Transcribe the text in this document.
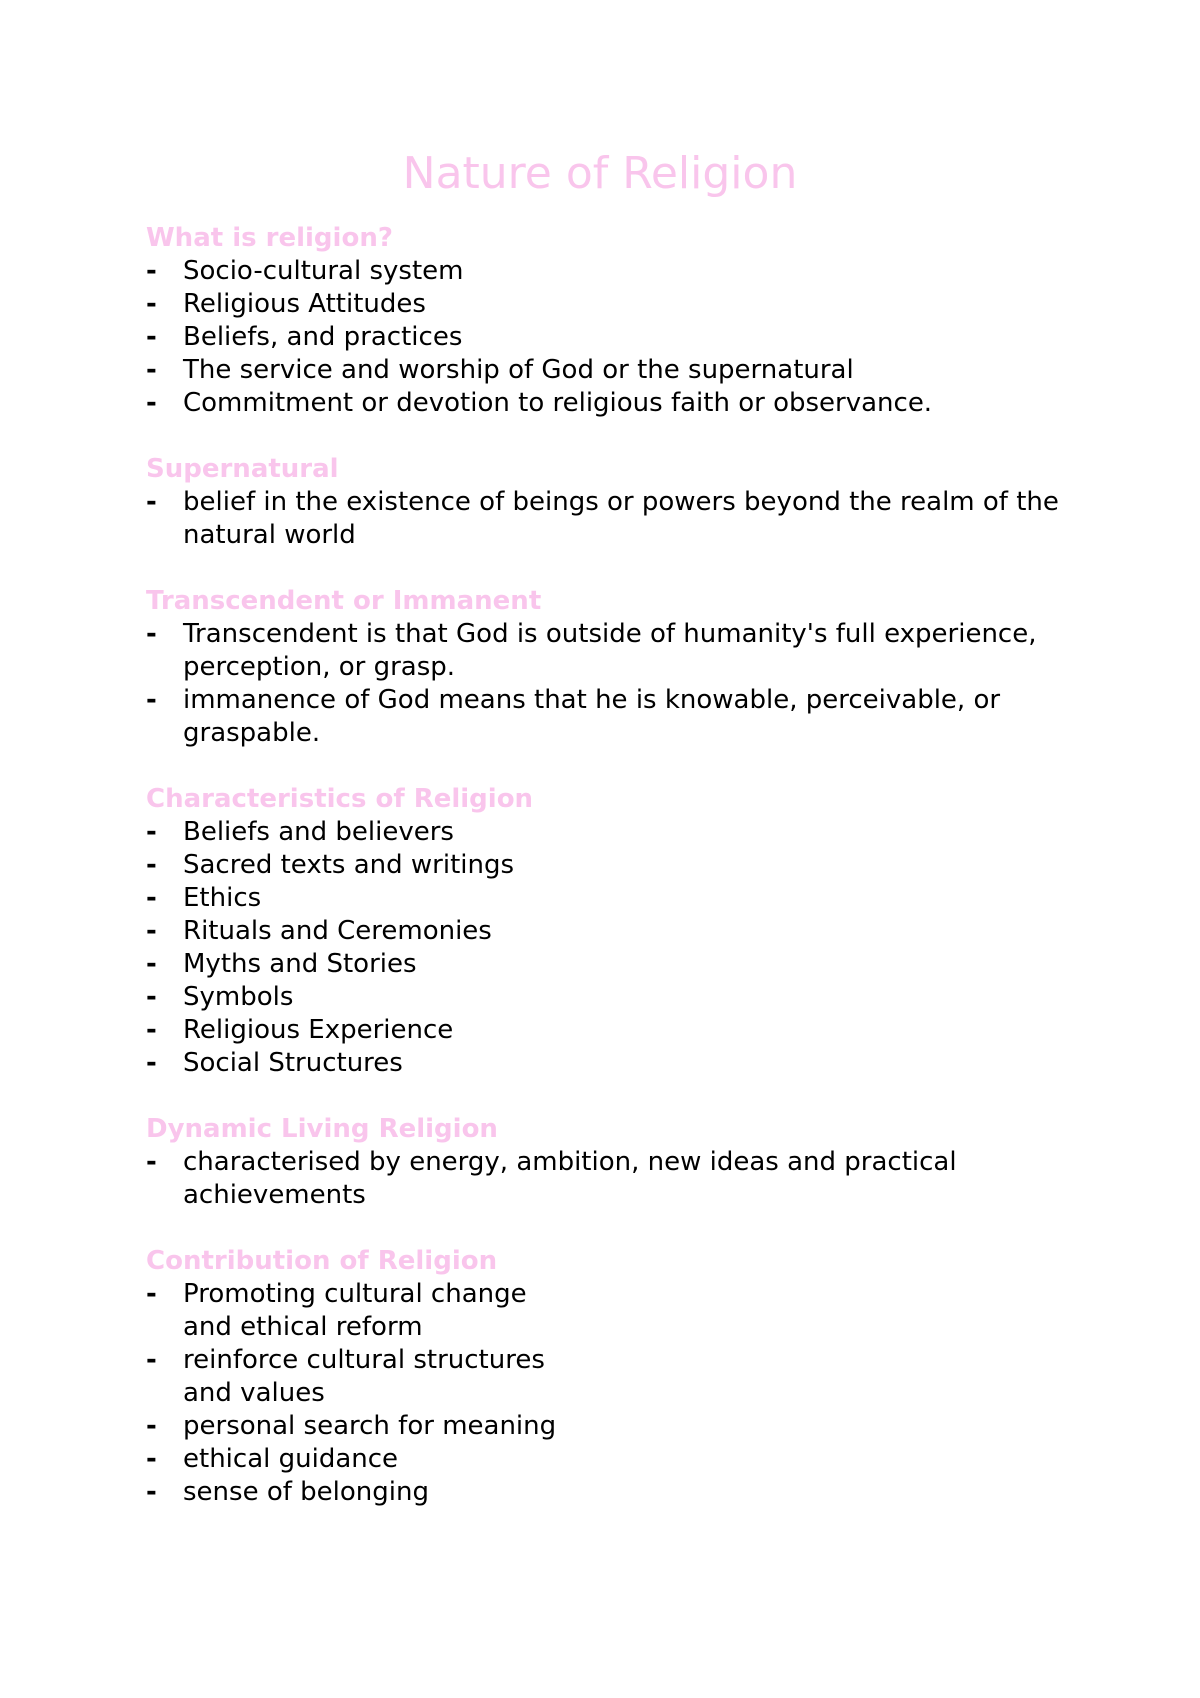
Nature of Religion
What is religion?
- Socio-cultural system
- Religious Attitudes
- Beliefs, and practices
- The service and worship of God or the supernatural
- Commitment or devotion to religious faith or observance.
Supernatural
- belief in the existence of beings or powers beyond the realm of the natural world
Transcendent or Immanent
- Transcendent is that God is outside of humanity's full experience, perception, or grasp.
- immanence of God means that he is knowable, perceivable, or graspable.
Characteristics of Religion
- Beliefs and believers
- Sacred texts and writings
- Ethics
- Rituals and Ceremonies
- Myths and Stories
- Symbols
- Religious Experience
- Social Structures
Dynamic Living Religion
- characterised by energy, ambition, new ideas and practical achievements
Contribution of Religion
- Promoting cultural change and ethical reform
- reinforce cultural structures and values
- personal search for meaning
- ethical guidance
- sense of belonging
